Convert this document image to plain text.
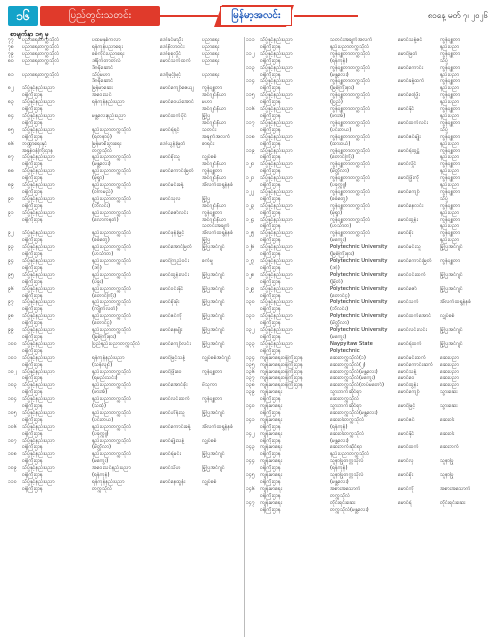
၁၆	ပြည်တွင်းသတင်း	မြန်မာ့အလင်း	၈၁နေ့ မတ် ၇၊ ၂၀၂၆
စာမျက်နှာ ၁၅ မှ
၇၇	ပညာရေးတက္ကသိုလ်	ပထမနှစ်ကလာ	ဒေါ်ခင်မာဦး	ပညာရေး
၇၈	ပညာရေးတက္ကသိုလ်	ရန်ကုန်ပညာရေး	ဒေါ်နီလာဝင်း	ပညာရေး
၇၉	ပညာရေးတက္ကသိုလ်	စစ်ကိုင်းပညာရေး	ဒေါ်စုစုလှိုင်	ပညာရေး
၈၀	ပညာရေးတက္ကသိုလ်	ဒါရိုက်တာတဲလ်	မောင်သက်ထက်	ပညာရေး
ဒီဂရီဆောင်
၈၁	ပညာရေးတက္ကသိုလ်	သိပ္ပံမဟာ	ဒေါ်မြင့်မြင့်	ပညာရေး
ဒီဂရီဆောင်
၈၂	သိပ္ပံနှင့်နည်းပညာ	မြန်မာ့ဆေး	မောင်ကျော်ဇေယျ	ကွန်ပျူတာ
ဝန်ကြီးဌာန	အဝေးသင်	အင်ဂျင်နီယာ
၈၃	သိပ္ပံနှင့်နည်းပညာ	ရန်ကုန်နည်းပညာ	မောင်ဝေယံအောင်	မဟာ
ဝန်ကြီးဌာန	အင်ဂျင်နီယာ
၈၄	သိပ္ပံနှင့်နည်းပညာ	မန္တလေးနည်းပညာ	မောင်ထက်ပိုင်	မြို့ပြ
ဝန်ကြီးဌာန	အင်ဂျင်နီယာ
၈၅	သိပ္ပံနှင့်နည်းပညာ	နည်းပညာတက္ကသိုလ်	မောင်ရဲရင့်	သတင်း
ဝန်ကြီးဌာန	(ရတနာပုံ)	အချက်အလက်
၈၆	ဘဏ္ဍာရေးနှင့်	မြန်မာစီးပွားရေး	ဒေါ်ယွန်းမြတ်	စာရင်း
အခွန်ဝန်ကြီးဌာန	တက္ကသိုလ်
၈၇	သိပ္ပံနှင့်နည်းပညာ	နည်းပညာတက္ကသိုလ်	မောင်စိုးသူ	လျှပ်စစ်
ဝန်ကြီးဌာန	(မန္တလေး)	အင်ဂျင်နီယာ
၈၈	သိပ္ပံနှင့်နည်းပညာ	နည်းပညာတက္ကသိုလ်	မောင်ကောင်းမြတ်	ကွန်ပျူတာ
ဝန်ကြီးဌာန	(မုံရွာ)	အင်ဂျင်နီယာ
၈၉	သိပ္ပံနှင့်နည်းပညာ	နည်းပညာတက္ကသိုလ်	မောင်မင်းခန့်	အီလက်ထရွန်နစ်
ဝန်ကြီးဌာန	(ဝါကမည်)
၉၀	သိပ္ပံနှင့်နည်းပညာ	နည်းပညာတက္ကသိုလ်	မောင်သုလ	မြို့ပြ
ဝန်ကြီးဌာန	(ဘီလင်း)	အင်ဂျင်နီယာ
၉၁	သိပ္ပံနှင့်နည်းပညာ	နည်းပညာတက္ကသိုလ်	မောင်ဇော်လင်း	ကွန်ပျူတာ
ဝန်ကြီးဌာန	(လောကနတ်)	အင်ဂျင်နီယာ
သတင်းအချက်
၉၂	သိပ္ပံနှင့်နည်းပညာ	နည်းပညာတက္ကသိုလ်	မောင်ဖုန်းမြင့်	အီလက်ထရွန်နစ်
ဝန်ကြီးဌာန	(စစ်တွေ)	မြို့ပြ
၉၃	သိပ္ပံနှင့်နည်းပညာ	နည်းပညာတက္ကသိုလ်	မောင်အောင်မြတ်	မြို့ပြအင်ဂျင်
ဝန်ကြီးဌာန	(ဟင်္သာတ)
၉၄	သိပ္ပံနှင့်နည်းပညာ	နည်းပညာတက္ကသိုလ်	မောင်ကြည်ဝင်း	စက်မှု
ဝန်ကြီးဌာန	(ဒဂုံ)
၉၅	သိပ္ပံနှင့်နည်းပညာ	နည်းပညာတက္ကသိုလ်	မောင်ထွန်းလင်း	မြို့ပြအင်ဂျင်
ဝန်ကြီးဌာန	(ပဲခူး)
၉၆	သိပ္ပံနှင့်နည်းပညာ	နည်းပညာတက္ကသိုလ်	မောင်ဝင်းနိုင်	မြို့ပြအင်ဂျင်
ဝန်ကြီးဌာန	(တောင်ကြီး)
၉၇	သိပ္ပံနှင့်နည်းပညာ	နည်းပညာတက္ကသိုလ်	မောင်စိုးမိုး	မြို့ပြအင်ဂျင်
ဝန်ကြီးဌာန	(ကျိုက်လတ်)
၉၈	သိပ္ပံနှင့်နည်းပညာ	နည်းပညာတက္ကသိုလ်	မောင်ဇင်ကို	မြို့ပြအင်ဂျင်
ဝန်ကြီးဌာန	(တောင်ငူ)
၉၉	သိပ္ပံနှင့်နည်းပညာ	နည်းပညာတက္ကသိုလ်	မောင်နေမျိုး	မြို့ပြအင်ဂျင်
ဝန်ကြီးဌာန	(မြစ်ကြီးနား)
၁၀၀	သိပ္ပံနှင့်နည်းပညာ	ပြည်နည်းပညာတက္ကသိုလ်	မောင်ကျော်လင်း	မြို့ပြအင်ဂျင်
ဝန်ကြီးဌာန
၁၀၁	သိပ္ပံနှင့်နည်းပညာ	ရန်ကုန်နည်းပညာ	မောင်မြင့်သန့်	လျှပ်စစ်အင်ဂျင်
ဝန်ကြီးဌာန	(သန်လျင်)
၁၀၂	သိပ္ပံနှင့်နည်းပညာ	နည်းပညာတက္ကသိုလ်	မောင်ဖြိုးဝေ	ကွန်ပျူတာ
ဝန်ကြီးဌာန	(ရမည်းသင်း)
၁၀၃	သိပ္ပံနှင့်နည်းပညာ	နည်းပညာတက္ကသိုလ်	မောင်အောင်စိုး	ဗိသုကာ
ဝန်ကြီးဌာန	(ဖားအံ)
၁၀၄	သိပ္ပံနှင့်နည်းပညာ	နည်းပညာတက္ကသိုလ်	မောင်လင်းထက်	ကွန်ပျူတာ
ဝန်ကြီးဌာန	(သထုံ)
၁၀၅	သိပ္ပံနှင့်နည်းပညာ	နည်းပညာတက္ကသိုလ်	မောင်ဟိန်းသူ	မြို့ပြအင်ဂျင်
ဝန်ကြီးဌာန	(ပင်းတယ)
၁၀၆	သိပ္ပံနှင့်နည်းပညာ	နည်းပညာတက္ကသိုလ်	မောင်ကောင်းခန့်	အီလက်ထရွန်နစ်
ဝန်ကြီးဌာန	(ပခုက္ကူ)
၁၀၇	သိပ္ပံနှင့်နည်းပညာ	နည်းပညာတက္ကသိုလ်	မောင်မျိုးသန့်	လျှပ်စစ်
ဝန်ကြီးဌာန	(မိတ္ထီလာ)
၁၀၈ သိပ္ပံနှင့်နည်းပညာ	နည်းပညာတက္ကသိုလ်	မောင်ရဲမင်း	မြို့ပြအင်ဂျင်
ဝန်ကြီးဌာန	(မကွေး)
၁၀၉	သိပ္ပံနှင့်နည်းပညာ	အဝေးသင်နည်းပညာ	မောင်သီဟ	မြို့ပြအင်ဂျင်
ဝန်ကြီးဌာန	(ရန်ကုန်)
၁၁၀	သိပ္ပံနှင့်နည်းပညာ	ရန်ကုန်နည်းပညာ	မောင်နေထွန်း	လျှပ်စစ်
ဝန်ကြီးဌာန	တက္ကသိုလ်
၁၁၁	သိပ္ပံနှင့်နည်းပညာ	သတင်းအချက်အလက်	မောင်သန့်ဇင်	ကွန်ပျူတာ
ဝန်ကြီးဌာန	နည်းပညာတက္ကသိုလ်	နည်းပညာ
၁၁၂	သိပ္ပံနှင့်နည်းပညာ	ကွန်ပျူတာတက္ကသိုလ်	မောင်မြတ်	ကွန်ပျူတာ
ဝန်ကြီးဌာန	(ရန်ကုန်)	သိပ္ပံ
၁၁၃	သိပ္ပံနှင့်နည်းပညာ	ကွန်ပျူတာတက္ကသိုလ်	မောင်ကောင်း	ကွန်ပျူတာ
ဝန်ကြီးဌာန	(မန္တလေး)	နည်းပညာ
၁၁၄	သိပ္ပံနှင့်နည်းပညာ	ကွန်ပျူတာတက္ကသိုလ်	မောင်ခန့်ထက်	ကွန်ပျူတာ
ဝန်ကြီးဌာန	(မြစ်ကြီးနား)	နည်းပညာ
၁၁၅	သိပ္ပံနှင့်နည်းပညာ	ကွန်ပျူတာတက္ကသိုလ်	မောင်ဝေဖြိုး	ကွန်ပျူတာ
ဝန်ကြီးဌာန	(ပြည်)	နည်းပညာ
၁၁၆	သိပ္ပံနှင့်နည်းပညာ	ကွန်ပျူတာတက္ကသိုလ်	မောင်နိုင်	ကွန်ပျူတာ
ဝန်ကြီးဌာန	(ဖားအံ)	နည်းပညာ
၁၁၇	သိပ္ပံနှင့်နည်းပညာ	ကွန်ပျူတာတက္ကသိုလ်	မောင်ထက်လင်း	ကွန်ပျူတာ
ဝန်ကြီးဌာန	(ပင်းတယ)	သိပ္ပံ
၁၁၈ သိပ္ပံနှင့်နည်းပညာ	ကွန်ပျူတာတက္ကသိုလ်	မောင်ဇင်မျိုး	ကွန်ပျူတာ
ဝန်ကြီးဌာန	(ထားဝယ်)	နည်းပညာ
၁၁၉	သိပ္ပံနှင့်နည်းပညာ	ကွန်ပျူတာတက္ကသိုလ်	မောင်ရဲထွဋ်	ကွန်ပျူတာ
ဝန်ကြီးဌာန	(တောင်ကြီး)	နည်းပညာ
၁၂၀	သိပ္ပံနှင့်နည်းပညာ	ကွန်ပျူတာတက္ကသိုလ်	မောင်လှိုင်	ကွန်ပျူတာ
ဝန်ကြီးဌာန	(မိတ္ထီလာ)	နည်းပညာ
၁၂၁	သိပ္ပံနှင့်နည်းပညာ	ကွန်ပျူတာတက္ကသိုလ်	မောင်ဖြိုးကို	ကွန်ပျူတာ
ဝန်ကြီးဌာန	(ပခုက္ကူ)	နည်းပညာ
၁၂၂	သိပ္ပံနှင့်နည်းပညာ	ကွန်ပျူတာတက္ကသိုလ်	မောင်ကျော်	ကွန်ပျူတာ
ဝန်ကြီးဌာန	(စစ်တွေ)	သိပ္ပံ
၁၂၃	သိပ္ပံနှင့်နည်းပညာ	ကွန်ပျူတာတက္ကသိုလ်	မောင်နေလင်း	ကွန်ပျူတာ
ဝန်ကြီးဌာန	(မုံရွာ)	နည်းပညာ
၁၂၄	သိပ္ပံနှင့်နည်းပညာ	ကွန်ပျူတာတက္ကသိုလ်	မောင်ထွန်း	ကွန်ပျူတာ
ဝန်ကြီးဌာန	(ဟင်္သာတ)	နည်းပညာ
၁၂၅	သိပ္ပံနှင့်နည်းပညာ	ကွန်ပျူတာတက္ကသိုလ်	မောင်စိုး	ကွန်ပျူတာ
ဝန်ကြီးဌာန	(မကွေး)	နည်းပညာ
၁၂၆	သိပ္ပံနှင့်နည်းပညာ	Polytechnic University	မောင်မင်းသူ	မြို့ပြအင်ဂျင်
ဝန်ကြီးဌာန	(မြစ်ကြီးနား)
၁၂၇	သိပ္ပံနှင့်နည်းပညာ	Polytechnic University	မောင်ကောင်းမြတ်	ကွန်ပျူတာ
ဝန်ကြီးဌာန	(ဒဂုံ)
၁၂၈	သိပ္ပံနှင့်နည်းပညာ	Polytechnic University	မောင်ဝင်းထက်	မြို့ပြအင်ဂျင်
ဝန်ကြီးဌာန	(မြိတ်)
၁၂၉	သိပ္ပံနှင့်နည်းပညာ	Polytechnic University	မောင်ဇော်	မြို့ပြအင်ဂျင်
ဝန်ကြီးဌာန	(တောင်ငူ)
၁၃၀	သိပ္ပံနှင့်နည်းပညာ	Polytechnic University	မောင်သက်	အီလက်ထရွန်နစ်
ဝန်ကြီးဌာန	(ဘီလင်း)
၁၃၁	သိပ္ပံနှင့်နည်းပညာ	Polytechnic University	မောင်ထက်အောင်	လျှပ်စစ်
ဝန်ကြီးဌာန	(မိတ္ထီလာ)
၁၃၂	သိပ္ပံနှင့်နည်းပညာ	Polytechnic University	မောင်လင်းလင်း	မြို့ပြအင်ဂျင်
ဝန်ကြီးဌာန	(မကွေး)
၁၃၃	သိပ္ပံနှင့်နည်းပညာ	Naypyitaw State	မောင်ရဲထက်	မြို့ပြအင်ဂျင်
ဝန်ကြီးဌာန	Polytechnic
၁၃၄	ကျန်းမာရေးဝန်ကြီးဌာန	ဆေးတက္ကသိုလ်(၁)	မောင်မင်းထက်	ဆေးပညာ
၁၃၅	ကျန်းမာရေးဝန်ကြီးဌာန	ဆေးတက္ကသိုလ်(၂)	မောင်ကောင်းဆက်	ဆေးပညာ
၁၃၆	ကျန်းမာရေးဝန်ကြီးဌာန	ဆေးတက္ကသိုလ်(မန္တလေး)	မောင်သန့်	ဆေးပညာ
၁၃၇	ကျန်းမာရေးဝန်ကြီးဌာန	ဆေးတက္ကသိုလ်(မကွေး)	မောင်ဝေ	ဆေးပညာ
၁၃၈ ကျန်းမာရေးဝန်ကြီးဌာန	ဆေးတက္ကသိုလ်(တပ်မတော်)	မောင်ထွန်း	ဆေးပညာ
၁၃၉	ကျန်းမာရေး	သွားဘက်ဆိုင်ရာ	မောင်ကျော်	သွားဆေး
ဝန်ကြီးဌာန	ဆေးတက္ကသိုလ်
၁၄၀	ကျန်းမာရေး	သွားဘက်ဆိုင်ရာ	မောင်မြင့်	သွားဆေး
ဝန်ကြီးဌာန	ဆေးတက္ကသိုလ်(မန္တလေး)
၁၄၁	ကျန်းမာရေး	ဆေးဝါးတက္ကသိုလ်	မောင်ဇင်	ဆေးဝါး
ဝန်ကြီးဌာန	(ရန်ကုန်)
၁၄၂	ကျန်းမာရေး	ဆေးဝါးတက္ကသိုလ်	မောင်နိုင်	ဆေးဝါး
ဝန်ကြီးဌာန	(မန္တလေး)
၁၄၃	ကျန်းမာရေး	ဆေးဘက်ဆိုင်ရာ	မောင်ထက်	ဆေးဘက်
ဝန်ကြီးဌာန	နည်းပညာတက္ကသိုလ်
၁၄၄	ကျန်းမာရေး	သူနာပြုတက္ကသိုလ်	မောင်လှ	သူနာပြု
ဝန်ကြီးဌာန	(ရန်ကုန်)
၁၄၅	ကျန်းမာရေး	သူနာပြုတက္ကသိုလ်	မောင်စိုး	သူနာပြု
ဝန်ကြီးဌာန	(မန္တလေး)
၁၄၆	ကျန်းမာရေး	အစားအသောက်	မောင်ကို	အစားအသောက်
ဝန်ကြီးဌာန	တက္ကသိုလ်
၁၄၇	ကျန်းမာရေး	တိုင်းရင်းဆေး	မောင်ရဲ	တိုင်းရင်းဆေး
ဝန်ကြီးဌာန	တက္ကသိုလ်(မန္တလေး)
